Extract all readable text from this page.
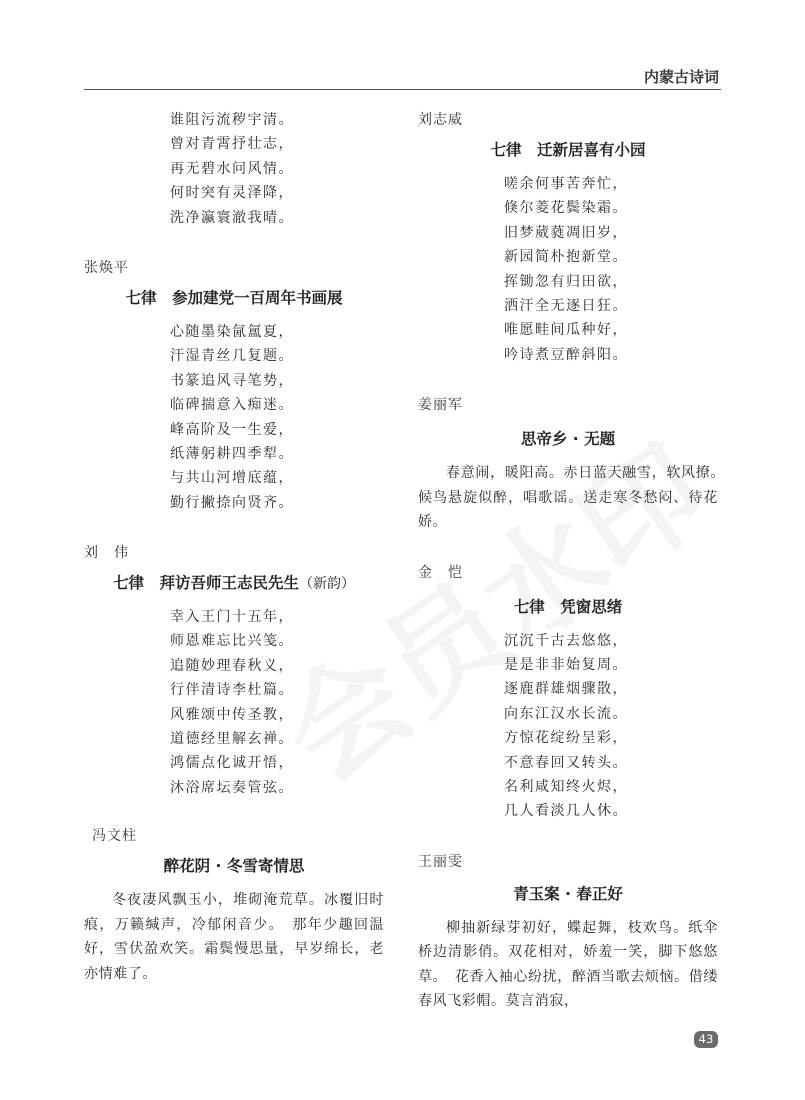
内蒙古诗词
谁阻污流秽宇清。
曾对青霄抒壮志，
再无碧水问风情。
何时突有灵泽降，
洗净瀛寰澈我晴。
张焕平
七律　参加建党一百周年书画展
心随墨染氤氲夏，
汗湿青丝几复题。
书篆追风寻笔势，
临碑揣意入痴迷。
峰高阶及一生爱，
纸薄躬耕四季犁。
与共山河增底蕴，
勤行撇捺向贤齐。
刘　伟
七律　拜访吾师王志民先生（新韵）
幸入王门十五年，
师恩难忘比兴笺。
追随妙理春秋义，
行伴清诗李杜篇。
风雅颂中传圣教，
道德经里解玄禅。
鸿儒点化诚开悟，
沐浴席坛奏管弦。
冯文柱
醉花阴 · 冬雪寄情思

冬夜凄风飘玉小，堆砌淹荒草。冰覆旧时痕，万籁缄声，冷郁闲音少。　那年少趣回温好，雪伏盈欢笑。霜鬓慢思量，早岁绵长，老亦情难了。

刘志威
七律　迁新居喜有小园
嗟余何事苦奔忙，
倏尔菱花鬓染霜。
旧梦葳蕤凋旧岁，
新园简朴抱新堂。
挥锄忽有归田欲，
洒汗全无逐日狂。
唯愿畦间瓜种好，
吟诗煮豆醉斜阳。
姜丽军
思帝乡 · 无题

春意闹，暖阳高。赤日蓝天融雪，软风撩。　候鸟悬旋似醉，唱歌谣。送走寒冬愁闷、待花娇。

金　恺
七律　凭窗思绪
沉沉千古去悠悠，
是是非非始复周。
逐鹿群雄烟骤散，
向东江汉水长流。
方惊花绽纷呈彩，
不意春回又转头。
名利咸知终火烬，
几人看淡几人休。
王丽雯
青玉案 · 春正好

柳抽新绿芽初好，蝶起舞，枝欢鸟。纸伞桥边清影俏。双花相对，娇羞一笑，脚下悠悠草。　花香入袖心纷扰，醉酒当歌去烦恼。借缕春风飞彩帽。莫言消寂，

43
